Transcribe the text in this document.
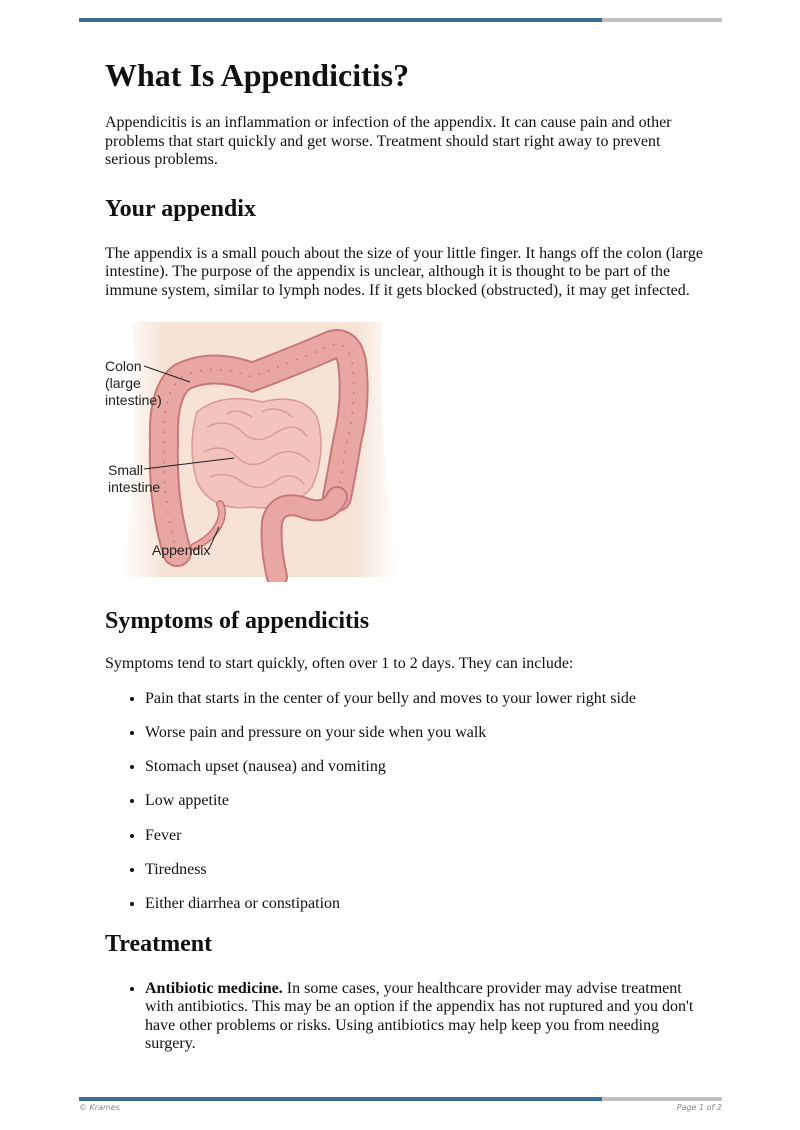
What Is Appendicitis?

Appendicitis is an inflammation or infection of the appendix. It can cause pain and other problems that start quickly and get worse. Treatment should start right away to prevent serious problems.

Your appendix

The appendix is a small pouch about the size of your little finger. It hangs off the colon (large intestine). The purpose of the appendix is unclear, although it is thought to be part of the immune system, similar to lymph nodes. If it gets blocked (obstructed), it may get infected.

Colon
(large
intestine)
Small
intestine
Appendix
Symptoms of appendicitis

Symptoms tend to start quickly, often over 1 to 2 days. They can include:

• Pain that starts in the center of your belly and moves to your lower right side
• Worse pain and pressure on your side when you walk
• Stomach upset (nausea) and vomiting
• Low appetite
• Fever
• Tiredness
• Either diarrhea or constipation
Treatment
• Antibiotic medicine. In some cases, your healthcare provider may advise treatment with antibiotics. This may be an option if the appendix has not ruptured and you don't have other problems or risks. Using antibiotics may help keep you from needing surgery.
© Krames	Page 1 of 2
